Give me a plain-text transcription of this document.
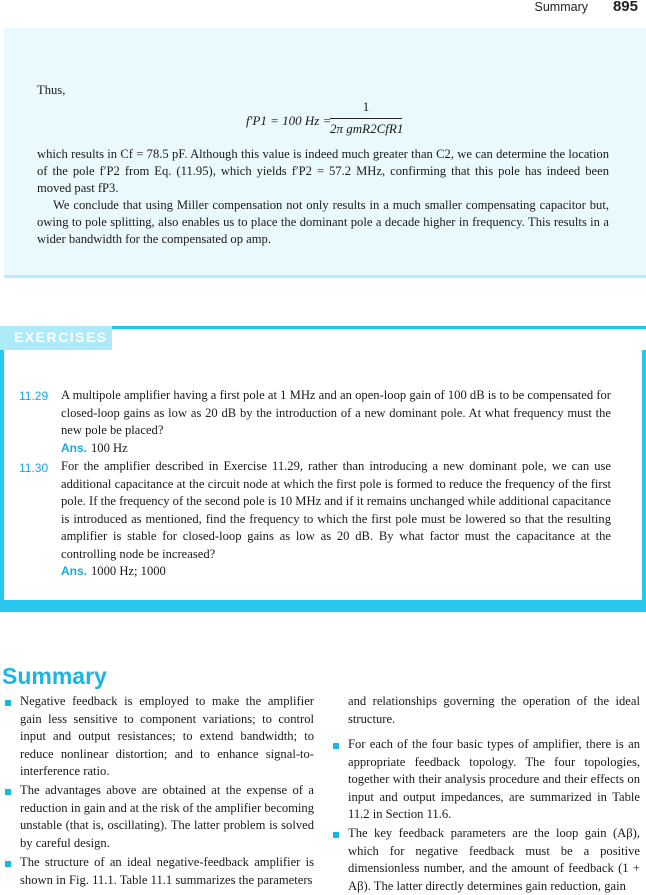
Summary 895
Thus,
f′P1 = 100 Hz =
1
2π gmR2CfR1
which results in Cf = 78.5 pF. Although this value is indeed much greater than C2, we can determine the location of the pole f′P2 from Eq. (11.95), which yields f′P2 = 57.2 MHz, confirming that this pole has indeed been moved past fP3.
We conclude that using Miller compensation not only results in a much smaller compensating capacitor but, owing to pole splitting, also enables us to place the dominant pole a decade higher in frequency. This results in a wider bandwidth for the compensated op amp.
EXERCISES
11.29 A multipole amplifier having a first pole at 1 MHz and an open-loop gain of 100 dB is to be compensated for closed-loop gains as low as 20 dB by the introduction of a new dominant pole. At what frequency must the new pole be placed?
Ans. 100 Hz
11.30 For the amplifier described in Exercise 11.29, rather than introducing a new dominant pole, we can use additional capacitance at the circuit node at which the first pole is formed to reduce the frequency of the first pole. If the frequency of the second pole is 10 MHz and if it remains unchanged while additional capacitance is introduced as mentioned, find the frequency to which the first pole must be lowered so that the resulting amplifier is stable for closed-loop gains as low as 20 dB. By what factor must the capacitance at the controlling node be increased?
Ans. 1000 Hz; 1000
Summary
Negative feedback is employed to make the amplifier gain less sensitive to component variations; to control input and output resistances; to extend bandwidth; to reduce nonlinear distortion; and to enhance signal-to-interference ratio.
The advantages above are obtained at the expense of a reduction in gain and at the risk of the amplifier becoming unstable (that is, oscillating). The latter problem is solved by careful design.
The structure of an ideal negative-feedback amplifier is shown in Fig. 11.1. Table 11.1 summarizes the parameters
and relationships governing the operation of the ideal structure.
For each of the four basic types of amplifier, there is an appropriate feedback topology. The four topologies, together with their analysis procedure and their effects on input and output impedances, are summarized in Table 11.2 in Section 11.6.
The key feedback parameters are the loop gain (Aβ), which for negative feedback must be a positive dimensionless number, and the amount of feedback (1 + Aβ). The latter directly determines gain reduction, gain
